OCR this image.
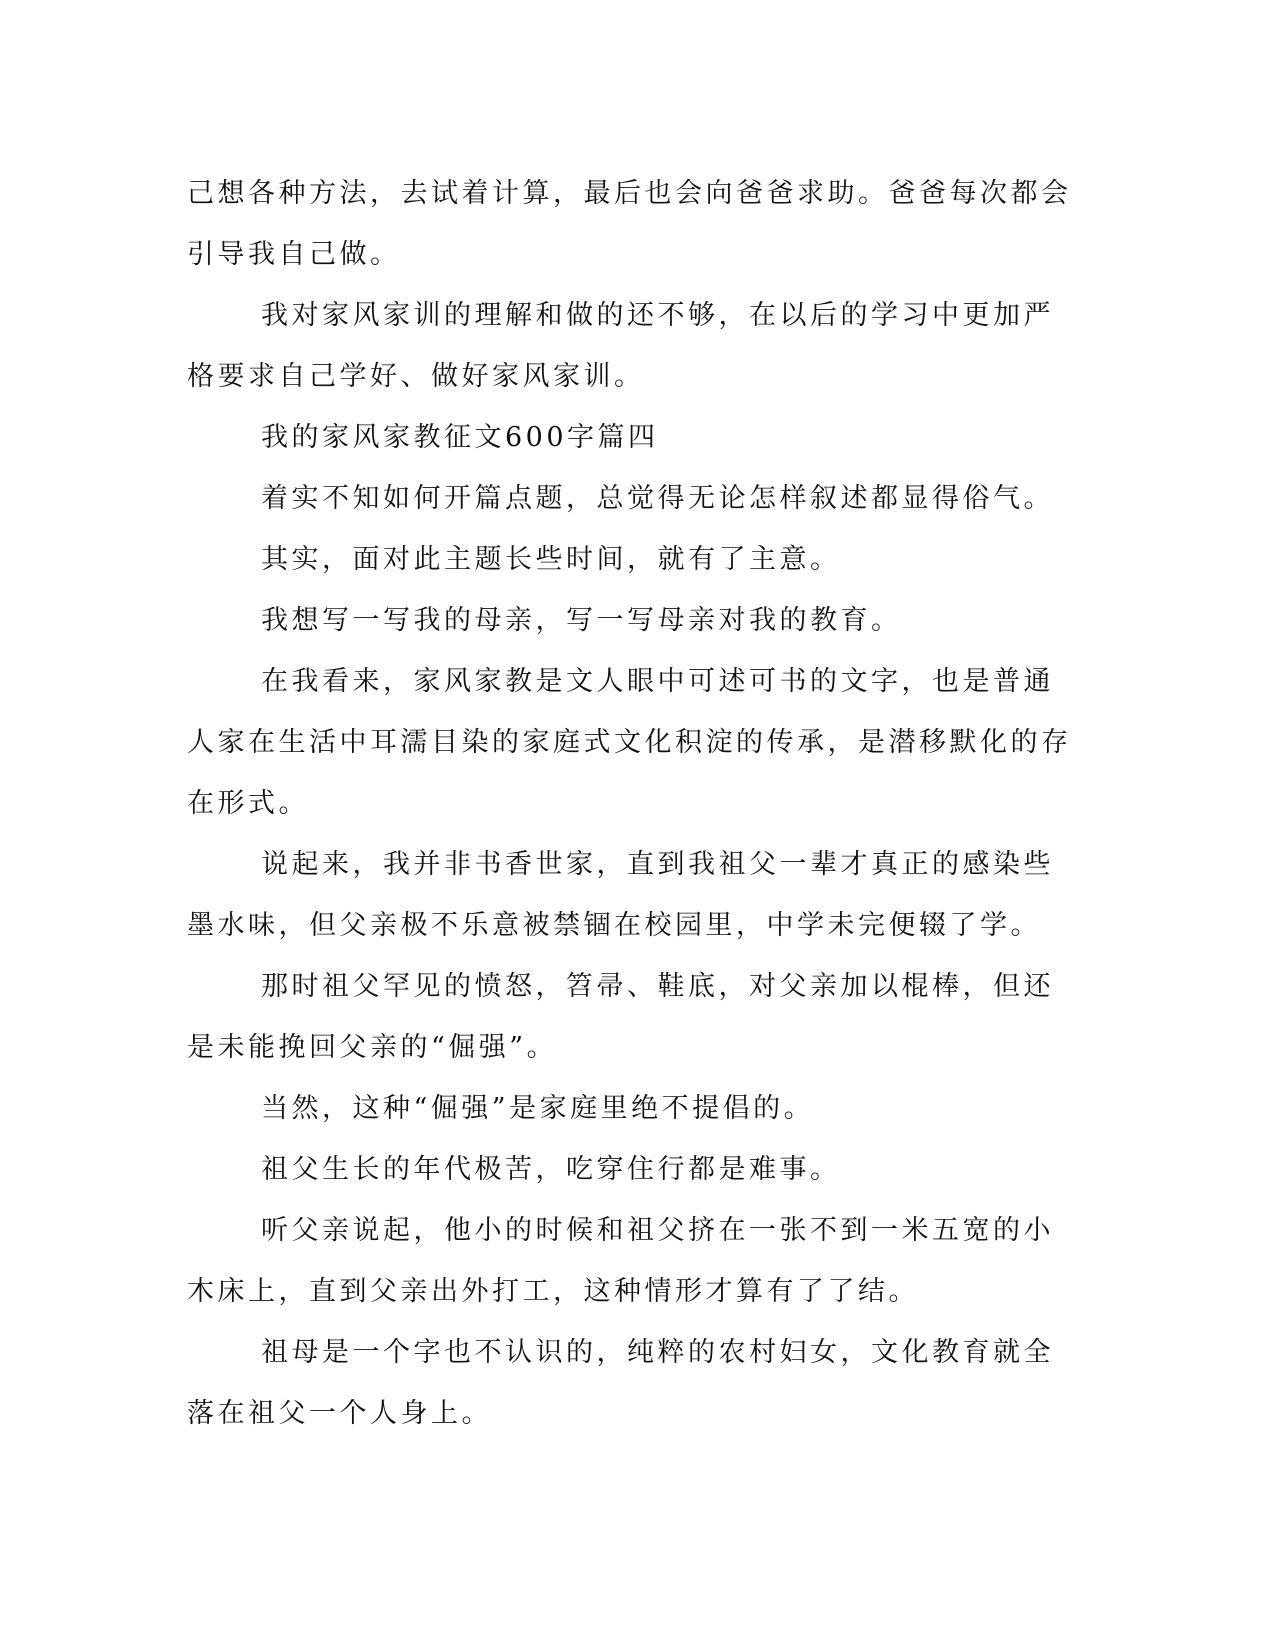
己想各种方法，去试着计算，最后也会向爸爸求助。爸爸每次都会引导我自己做。

我对家风家训的理解和做的还不够，在以后的学习中更加严格要求自己学好、做好家风家训。

我的家风家教征文600字篇四

着实不知如何开篇点题，总觉得无论怎样叙述都显得俗气。

其实，面对此主题长些时间，就有了主意。

我想写一写我的母亲，写一写母亲对我的教育。

在我看来，家风家教是文人眼中可述可书的文字，也是普通人家在生活中耳濡目染的家庭式文化积淀的传承，是潜移默化的存在形式。

说起来，我并非书香世家，直到我祖父一辈才真正的感染些墨水味，但父亲极不乐意被禁锢在校园里，中学未完便辍了学。

那时祖父罕见的愤怒，笤帚、鞋底，对父亲加以棍棒，但还是未能挽回父亲的“倔强”。

当然，这种“倔强”是家庭里绝不提倡的。

祖父生长的年代极苦，吃穿住行都是难事。

听父亲说起，他小的时候和祖父挤在一张不到一米五宽的小木床上，直到父亲出外打工，这种情形才算有了了结。

祖母是一个字也不认识的，纯粹的农村妇女，文化教育就全落在祖父一个人身上。
